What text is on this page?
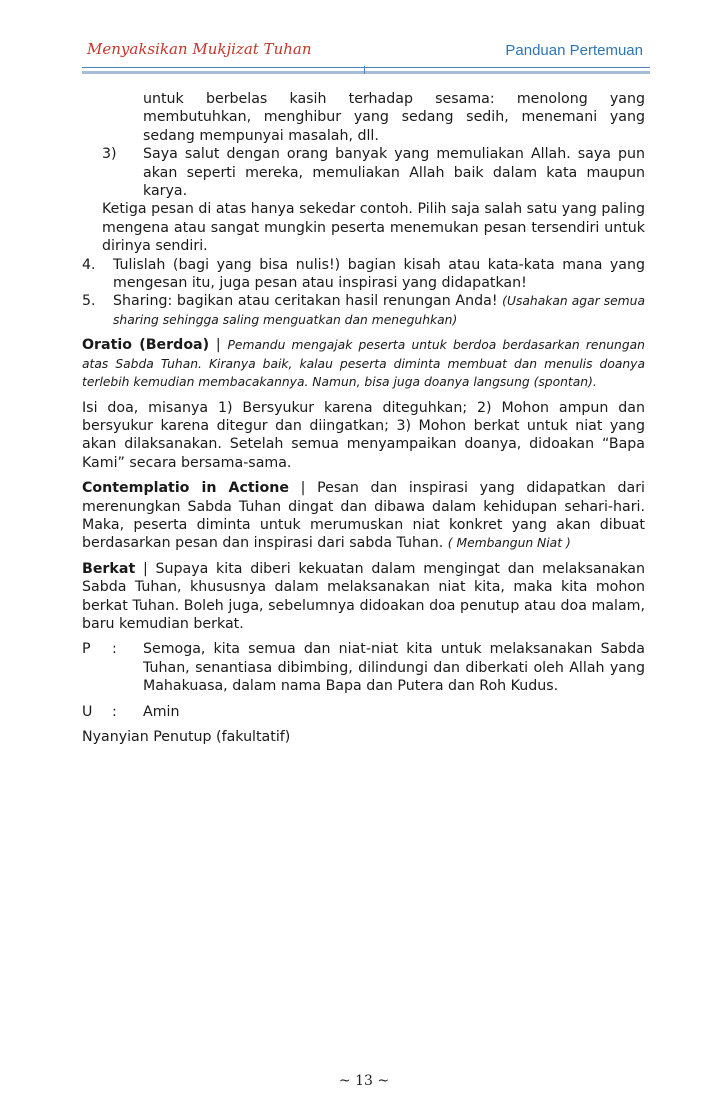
Menyaksikan Mukjizat Tuhan	Panduan Pertemuan
untuk berbelas kasih terhadap sesama: menolong yang membutuhkan, menghibur yang sedang sedih, menemani yang sedang mempunyai masalah, dll.
3)	Saya salut dengan orang banyak yang memuliakan Allah. saya pun akan seperti mereka, memuliakan Allah baik dalam kata maupun karya.
Ketiga pesan di atas hanya sekedar contoh. Pilih saja salah satu yang paling mengena atau sangat mungkin peserta menemukan pesan tersendiri untuk dirinya sendiri.
4.	Tulislah (bagi yang bisa nulis!) bagian kisah atau kata-kata mana yang mengesan itu, juga pesan atau inspirasi yang didapatkan!
5.	Sharing: bagikan atau ceritakan hasil renungan Anda! (Usahakan agar semua sharing sehingga saling menguatkan dan meneguhkan)
Oratio (Berdoa) | Pemandu mengajak peserta untuk berdoa berdasarkan renungan atas Sabda Tuhan. Kiranya baik, kalau peserta diminta membuat dan menulis doanya terlebih kemudian membacakannya. Namun, bisa juga doanya langsung (spontan).
Isi doa, misanya 1) Bersyukur karena diteguhkan; 2) Mohon ampun dan bersyukur karena ditegur dan diingatkan; 3) Mohon berkat untuk niat yang akan dilaksanakan. Setelah semua menyampaikan doanya, didoakan “Bapa Kami” secara bersama-sama.
Contemplatio in Actione | Pesan dan inspirasi yang didapatkan dari merenungkan Sabda Tuhan dingat dan dibawa dalam kehidupan sehari-hari. Maka, peserta diminta untuk merumuskan niat konkret yang akan dibuat berdasarkan pesan dan inspirasi dari sabda Tuhan. ( Membangun Niat )
Berkat | Supaya kita diberi kekuatan dalam mengingat dan melaksanakan Sabda Tuhan, khususnya dalam melaksanakan niat kita, maka kita mohon berkat Tuhan. Boleh juga, sebelumnya didoakan doa penutup atau doa malam, baru kemudian berkat.
P	:	Semoga, kita semua dan niat-niat kita untuk melaksanakan Sabda Tuhan, senantiasa dibimbing, dilindungi dan diberkati oleh Allah yang Mahakuasa, dalam nama Bapa dan Putera dan Roh Kudus.
U	:	Amin
Nyanyian Penutup (fakultatif)
~ 13 ~
